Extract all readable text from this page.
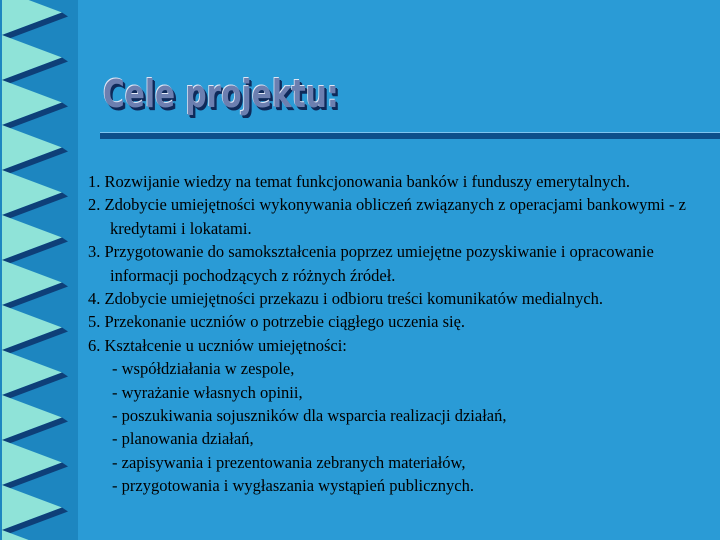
Cele projektu:

1. Rozwijanie wiedzy na temat funkcjonowania banków i funduszy emerytalnych.

2. Zdobycie umiejętności wykonywania obliczeń związanych z operacjami bankowymi - z kredytami i lokatami.

3. Przygotowanie do samokształcenia poprzez umiejętne pozyskiwanie i opracowanie informacji pochodzących z różnych źródeł.

4. Zdobycie umiejętności przekazu i odbioru treści komunikatów medialnych.

5. Przekonanie uczniów o potrzebie ciągłego uczenia się.

6. Kształcenie u uczniów umiejętności:

- współdziałania w zespole,

- wyrażanie własnych opinii,

- poszukiwania sojuszników dla wsparcia realizacji działań,

- planowania działań,

- zapisywania i prezentowania zebranych materiałów,

- przygotowania i wygłaszania wystąpień publicznych.
